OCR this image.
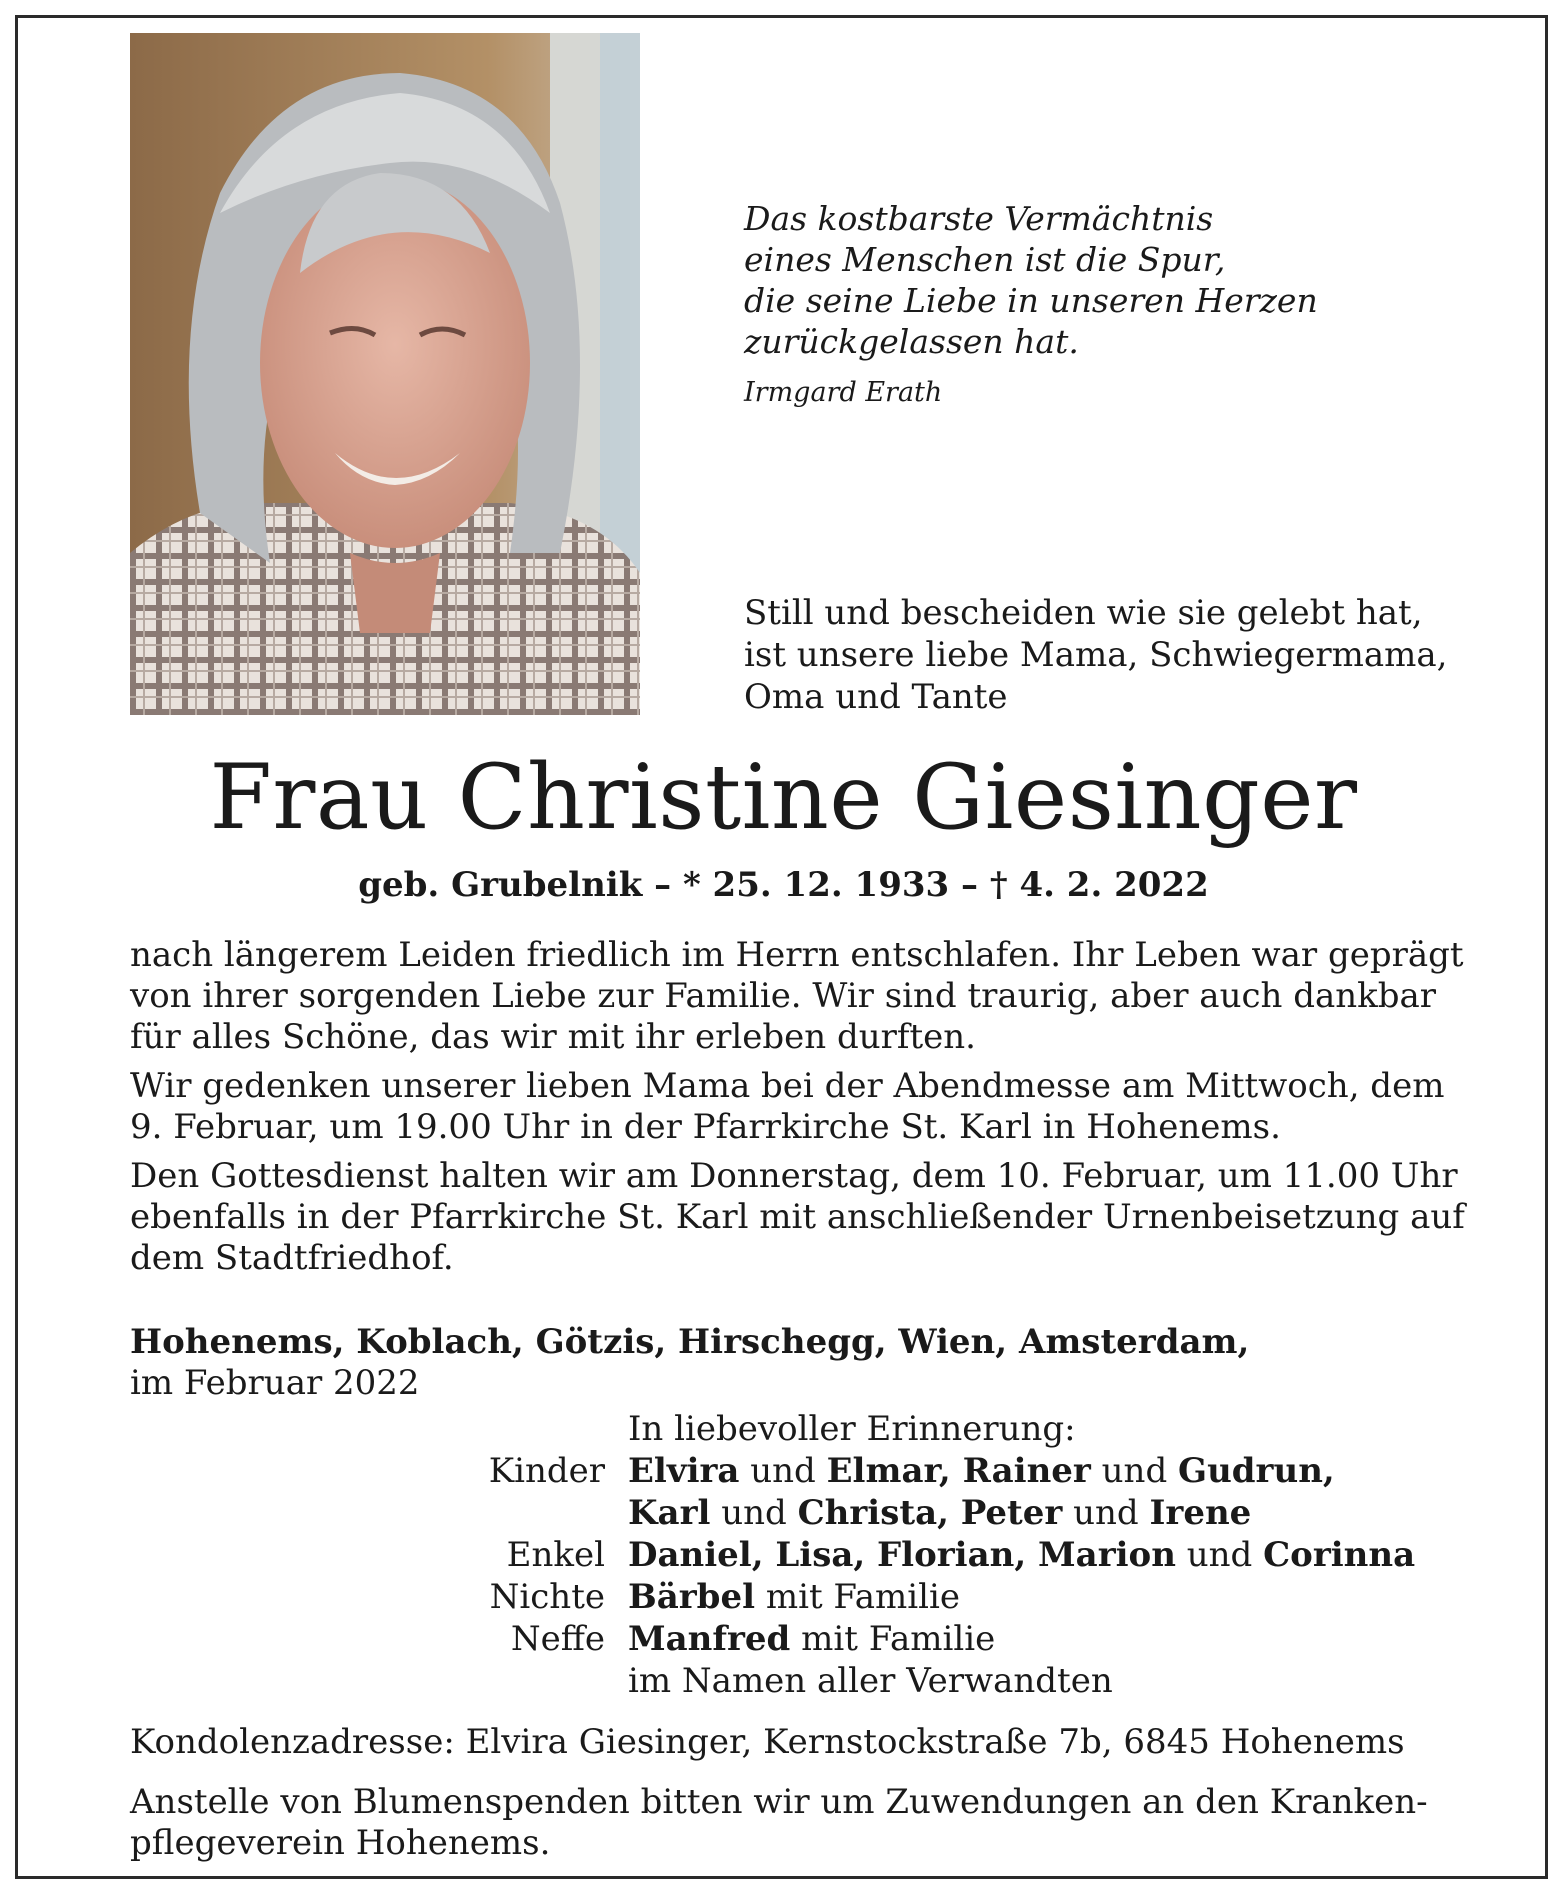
Das kostbarste Vermächtnis
eines Menschen ist die Spur,
die seine Liebe in unseren Herzen
zurückgelassen hat.
Irmgard Erath
Still und bescheiden wie sie gelebt hat,
ist unsere liebe Mama, Schwiegermama,
Oma und Tante
Frau Christine Giesinger
geb. Grubelnik – * 25. 12. 1933 – † 4. 2. 2022
nach längerem Leiden friedlich im Herrn entschlafen. Ihr Leben war geprägt
von ihrer sorgenden Liebe zur Familie. Wir sind traurig, aber auch dankbar
für alles Schöne, das wir mit ihr erleben durften.
Wir gedenken unserer lieben Mama bei der Abendmesse am Mittwoch, dem
9. Februar, um 19.00 Uhr in der Pfarrkirche St. Karl in Hohenems.
Den Gottesdienst halten wir am Donnerstag, dem 10. Februar, um 11.00 Uhr
ebenfalls in der Pfarrkirche St. Karl mit anschließender Urnenbeisetzung auf
dem Stadtfriedhof.
Hohenems, Koblach, Götzis, Hirschegg, Wien, Amsterdam,
im Februar 2022
In liebevoller Erinnerung:
Kinder Elvira und Elmar, Rainer und Gudrun,
Karl und Christa, Peter und Irene
Enkel Daniel, Lisa, Florian, Marion und Corinna
Nichte Bärbel mit Familie
Neffe Manfred mit Familie
im Namen aller Verwandten
Kondolenzadresse: Elvira Giesinger, Kernstockstraße 7b, 6845 Hohenems
Anstelle von Blumenspenden bitten wir um Zuwendungen an den Kranken-
pflegeverein Hohenems.
